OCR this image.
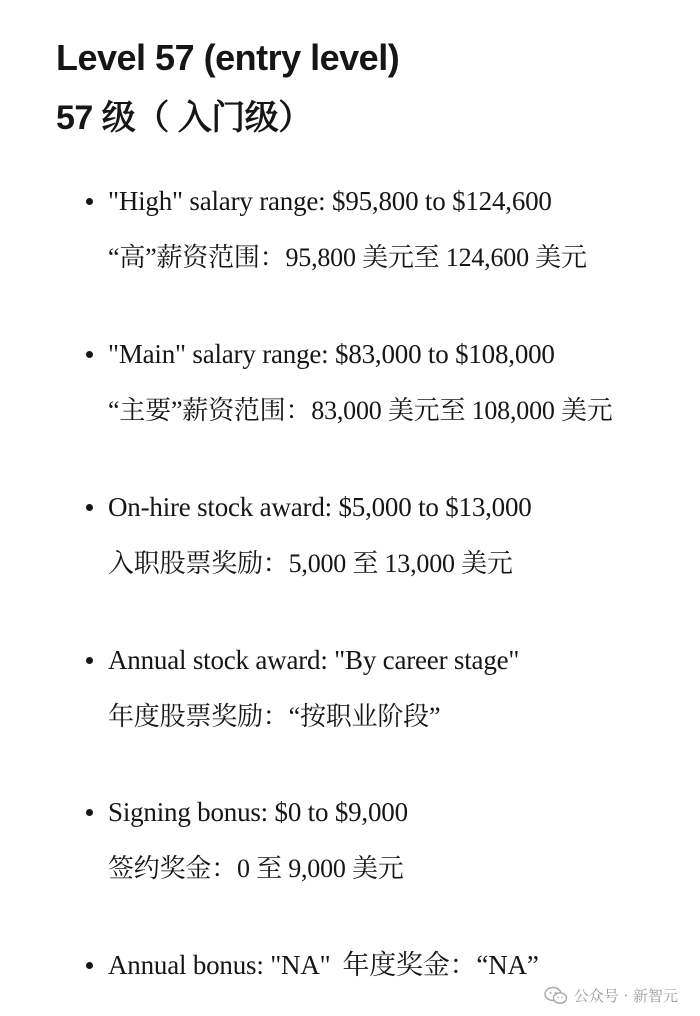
Level 57 (entry level)
57 级（ 入门级）
"High" salary range: $95,800 to $124,600
“高”薪资范围：95,800 美元至 124,600 美元
"Main" salary range: $83,000 to $108,000
“主要”薪资范围：83,000 美元至 108,000 美元
On-hire stock award: $5,000 to $13,000
入职股票奖励：5,000 至 13,000 美元
Annual stock award: "By career stage"
年度股票奖励：“按职业阶段”
Signing bonus: $0 to $9,000
签约奖金：0 至 9,000 美元
Annual bonus: "NA" 年度奖金：“NA”
公众号 · 新智元
